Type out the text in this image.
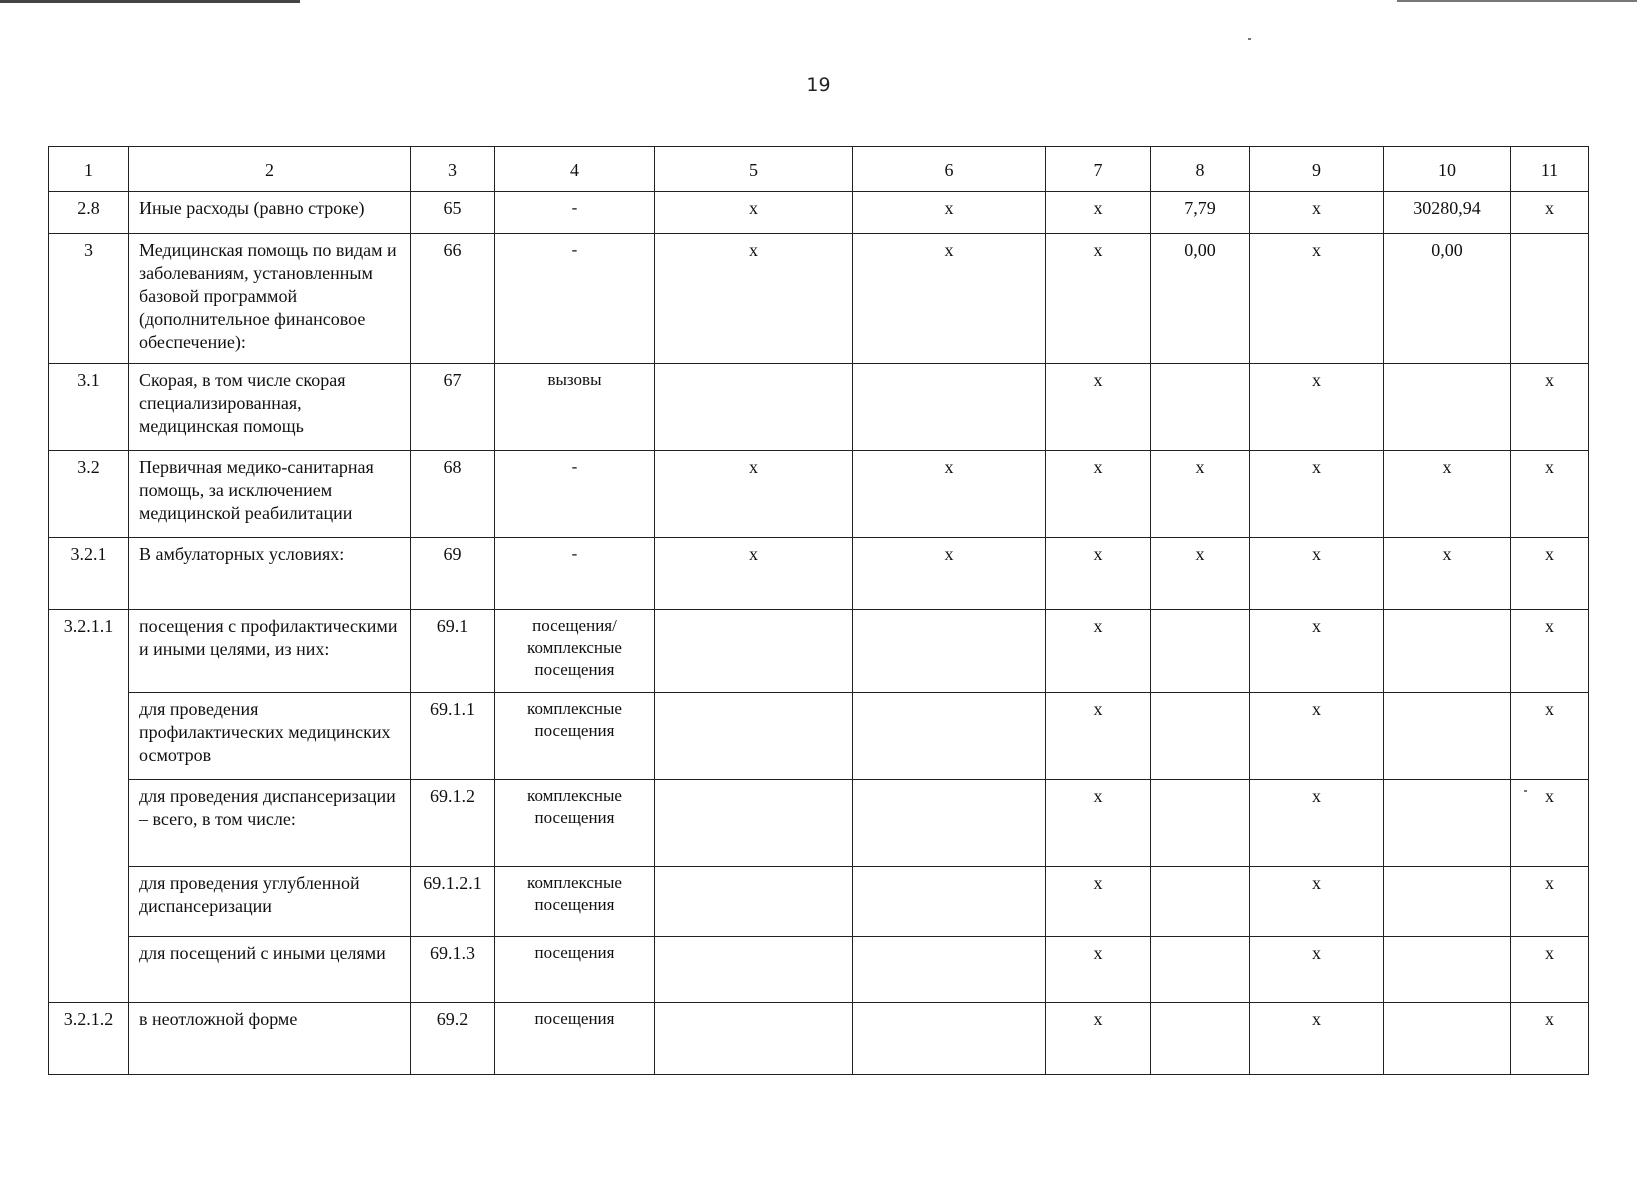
19
1	2	3	4	5	6	7	8	9	10	11
2.8	Иные расходы (равно строке)	65	-	х	х	х	7,79	х	30280,94	х
3	Медицинская помощь по видам и заболеваниям, установленным базовой программой (дополнительное финансовое обеспечение):	66	-	х	х	х	0,00	х	0,00	
3.1	Скорая, в том числе скорая специализированная, медицинская помощь	67	вызовы			х		х		х
3.2	Первичная медико-санитарная помощь, за исключением медицинской реабилитации	68	-	х	х	х	х	х	х	х
3.2.1	В амбулаторных условиях:	69	-	х	х	х	х	х	х	х
3.2.1.1	посещения с профилактическими и иными целями, из них:	69.1	посещения/ комплексные посещения			х		х		х
	для проведения профилактических медицинских осмотров	69.1.1	комплексные посещения			х		х		х
	для проведения диспансеризации – всего, в том числе:	69.1.2	комплексные посещения			х		х		х
	для проведения углубленной диспансеризации	69.1.2.1	комплексные посещения			х		х		х
	для посещений с иными целями	69.1.3	посещения			х		х		х
3.2.1.2	в неотложной форме	69.2	посещения			х		х		х
